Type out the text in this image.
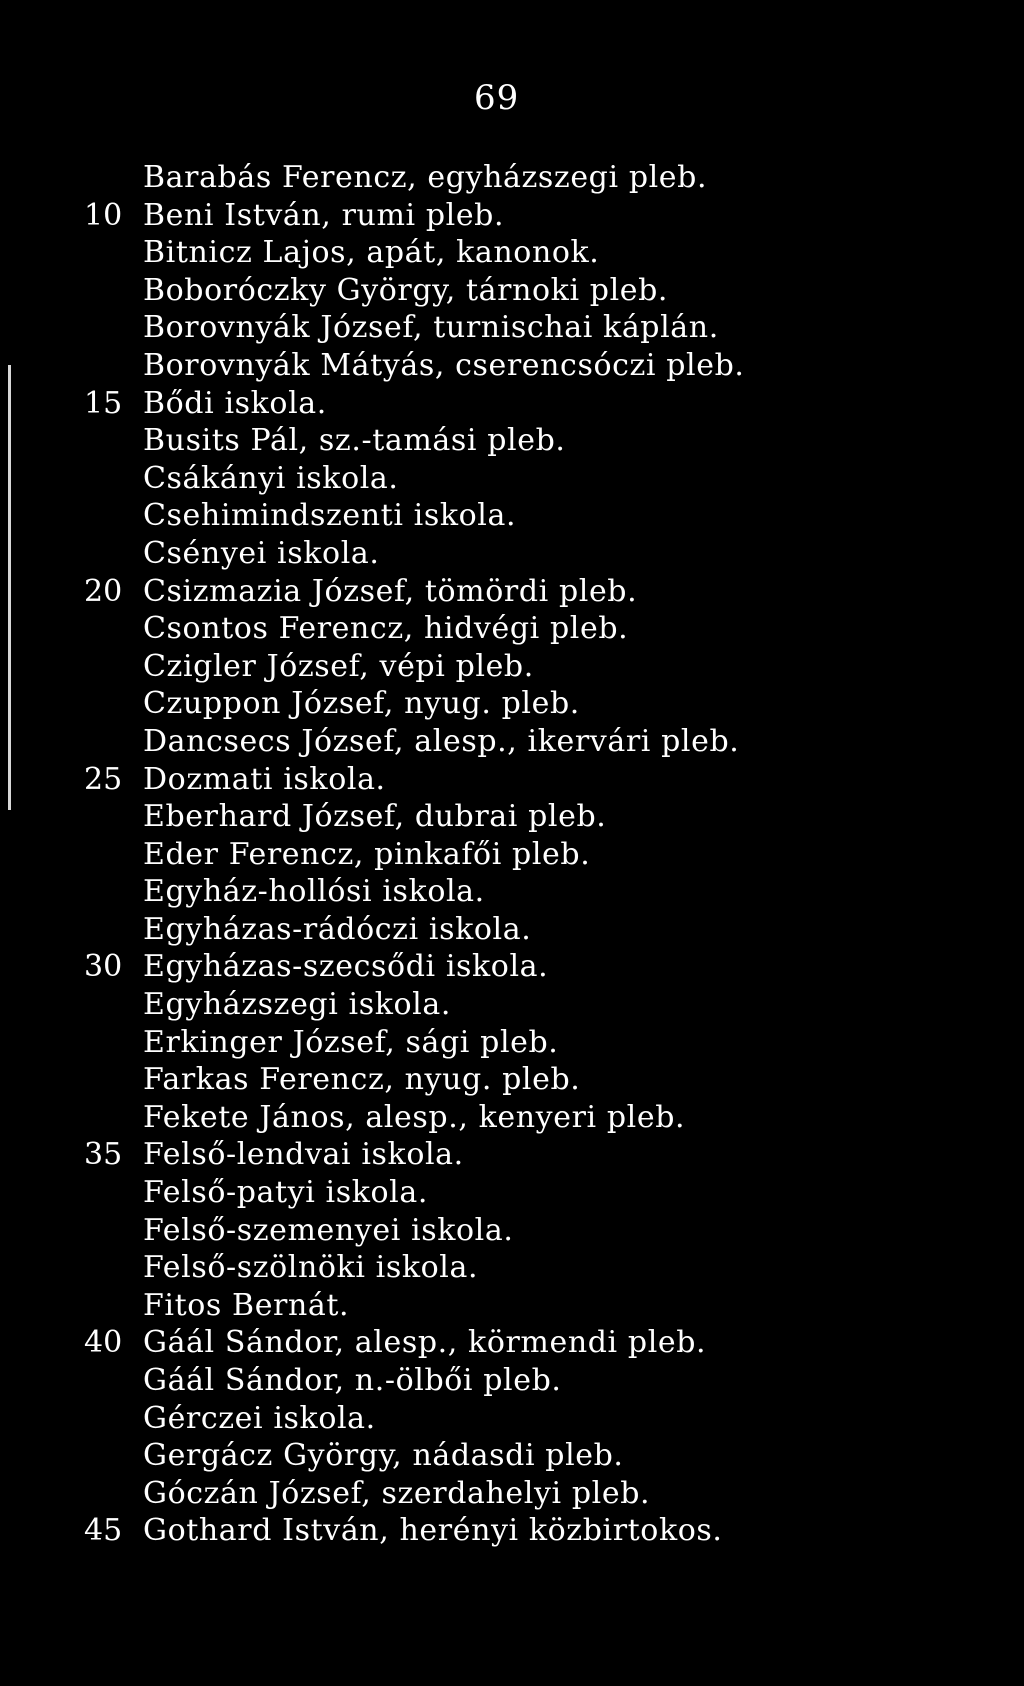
69
Barabás Ferencz, egyházszegi pleb.
10 Beni István, rumi pleb.
Bitnicz Lajos, apát, kanonok.
Boboróczky György, tárnoki pleb.
Borovnyák József, turnischai káplán.
Borovnyák Mátyás, cserencsóczi pleb.
15 Bődi iskola.
Busits Pál, sz.-tamási pleb.
Csákányi iskola.
Csehimindszenti iskola.
Csényei iskola.
20 Csizmazia József, tömördi pleb.
Csontos Ferencz, hidvégi pleb.
Czigler József, vépi pleb.
Czuppon József, nyug. pleb.
Dancsecs József, alesp., ikervári pleb.
25 Dozmati iskola.
Eberhard József, dubrai pleb.
Eder Ferencz, pinkafői pleb.
Egyház-hollósi iskola.
Egyházas-rádóczi iskola.
30 Egyházas-szecsődi iskola.
Egyházszegi iskola.
Erkinger József, sági pleb.
Farkas Ferencz, nyug. pleb.
Fekete János, alesp., kenyeri pleb.
35 Felső-lendvai iskola.
Felső-patyi iskola.
Felső-szemenyei iskola.
Felső-szölnöki iskola.
Fitos Bernát.
40 Gáál Sándor, alesp., körmendi pleb.
Gáál Sándor, n.-ölbői pleb.
Gérczei iskola.
Gergácz György, nádasdi pleb.
Góczán József, szerdahelyi pleb.
45 Gothard István, herényi közbirtokos.
